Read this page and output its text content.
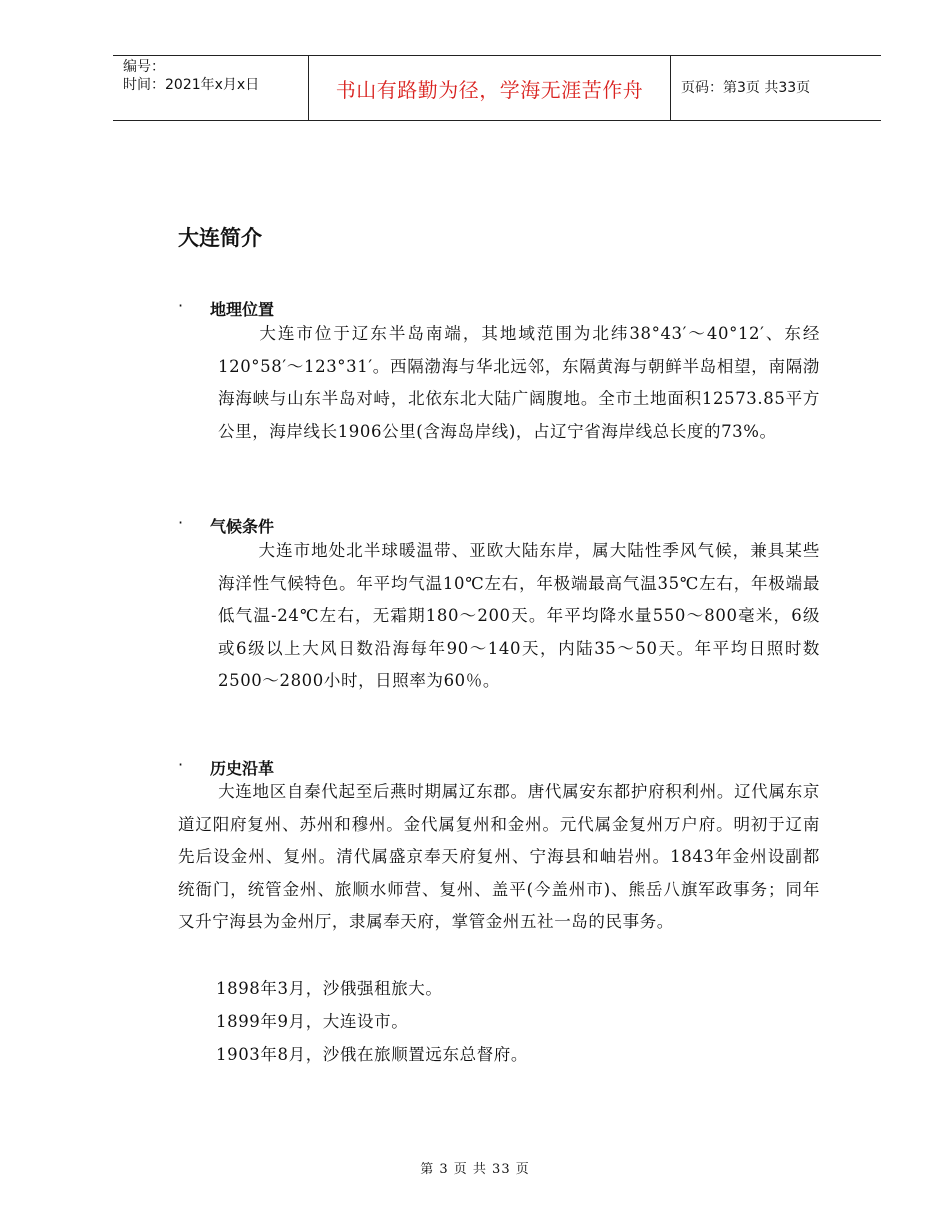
编号：
时间：2021年x月x日	书山有路勤为径，学海无涯苦作舟	页码：第3页 共33页
大连简介
· 地理位置
大连市位于辽东半岛南端，其地域范围为北纬38°43′～40°12′、东经120°58′～123°31′。西隔渤海与华北远邻，东隔黄海与朝鲜半岛相望，南隔渤海海峡与山东半岛对峙，北依东北大陆广阔腹地。全市土地面积12573.85平方公里，海岸线长1906公里(含海岛岸线)，占辽宁省海岸线总长度的73%。
· 气候条件
大连市地处北半球暖温带、亚欧大陆东岸，属大陆性季风气候，兼具某些海洋性气候特色。年平均气温10℃左右，年极端最高气温35℃左右，年极端最低气温-24℃左右，无霜期180～200天。年平均降水量550～800毫米，6级或6级以上大风日数沿海每年90～140天，内陆35～50天。年平均日照时数2500～2800小时，日照率为60％。
· 历史沿革
大连地区自秦代起至后燕时期属辽东郡。唐代属安东都护府积利州。辽代属东京道辽阳府复州、苏州和穆州。金代属复州和金州。元代属金复州万户府。明初于辽南先后设金州、复州。清代属盛京奉天府复州、宁海县和岫岩州。1843年金州设副都统衙门，统管金州、旅顺水师营、复州、盖平(今盖州市)、熊岳八旗军政事务；同年又升宁海县为金州厅，隶属奉天府，掌管金州五社一岛的民事务。
1898年3月，沙俄强租旅大。
1899年9月，大连设市。
1903年8月，沙俄在旅顺置远东总督府。
第 3 页 共 33 页
